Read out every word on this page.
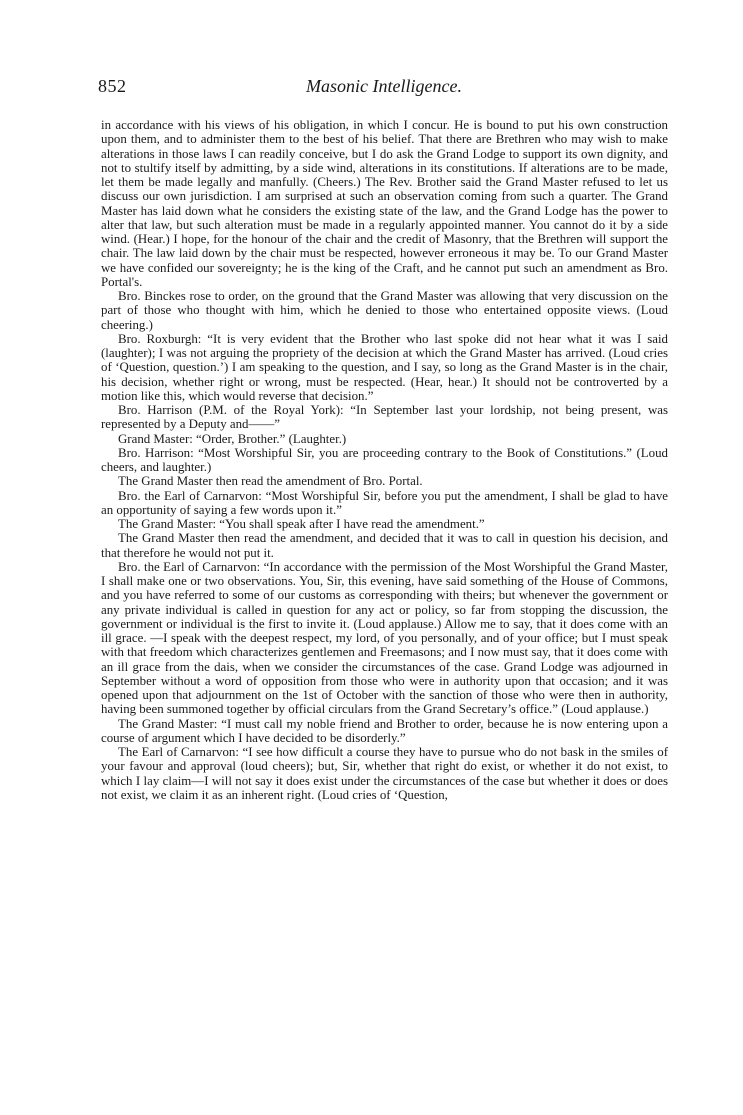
852	Masonic Intelligence.

in accordance with his views of his obligation, in which I concur. He is bound to put his own construction upon them, and to administer them to the best of his belief. That there are Brethren who may wish to make alterations in those laws I can readily conceive, but I do ask the Grand Lodge to support its own dignity, and not to stultify itself by admitting, by a side wind, alterations in its constitutions. If alterations are to be made, let them be made legally and manfully. (Cheers.) The Rev. Brother said the Grand Master refused to let us discuss our own jurisdiction. I am surprised at such an observation coming from such a quarter. The Grand Master has laid down what he considers the existing state of the law, and the Grand Lodge has the power to alter that law, but such alteration must be made in a regularly appointed manner. You cannot do it by a side wind. (Hear.) I hope, for the honour of the chair and the credit of Masonry, that the Brethren will support the chair. The law laid down by the chair must be respected, however erroneous it may be. To our Grand Master we have confided our sovereignty; he is the king of the Craft, and he cannot put such an amendment as Bro. Portal's.

Bro. Binckes rose to order, on the ground that the Grand Master was allowing that very discussion on the part of those who thought with him, which he denied to those who entertained opposite views. (Loud cheering.)

Bro. Roxburgh: “It is very evident that the Brother who last spoke did not hear what it was I said (laughter); I was not arguing the propriety of the decision at which the Grand Master has arrived. (Loud cries of ‘Question, question.’) I am speaking to the question, and I say, so long as the Grand Master is in the chair, his decision, whether right or wrong, must be respected. (Hear, hear.) It should not be controverted by a motion like this, which would reverse that decision.”

Bro. Harrison (P.M. of the Royal York): “In September last your lordship, not being present, was represented by a Deputy and——”

Grand Master: “Order, Brother.” (Laughter.)

Bro. Harrison: “Most Worshipful Sir, you are proceeding contrary to the Book of Constitutions.” (Loud cheers, and laughter.)

The Grand Master then read the amendment of Bro. Portal.

Bro. the Earl of Carnarvon: “Most Worshipful Sir, before you put the amendment, I shall be glad to have an opportunity of saying a few words upon it.”

The Grand Master: “You shall speak after I have read the amendment.”

The Grand Master then read the amendment, and decided that it was to call in question his decision, and that therefore he would not put it.

Bro. the Earl of Carnarvon: “In accordance with the permission of the Most Worshipful the Grand Master, I shall make one or two observations. You, Sir, this evening, have said something of the House of Commons, and you have referred to some of our customs as corresponding with theirs; but whenever the government or any private individual is called in question for any act or policy, so far from stopping the discussion, the government or individual is the first to invite it. (Loud applause.) Allow me to say, that it does come with an ill grace. —I speak with the deepest respect, my lord, of you personally, and of your office; but I must speak with that freedom which characterizes gentlemen and Freemasons; and I now must say, that it does come with an ill grace from the dais, when we consider the circumstances of the case. Grand Lodge was adjourned in September without a word of opposition from those who were in authority upon that occasion; and it was opened upon that adjournment on the 1st of October with the sanction of those who were then in authority, having been summoned together by official circulars from the Grand Secretary’s office.” (Loud applause.)

The Grand Master: “I must call my noble friend and Brother to order, because he is now entering upon a course of argument which I have decided to be disorderly.”

The Earl of Carnarvon: “I see how difficult a course they have to pursue who do not bask in the smiles of your favour and approval (loud cheers); but, Sir, whether that right do exist, or whether it do not exist, to which I lay claim—I will not say it does exist under the circumstances of the case but whether it does or does not exist, we claim it as an inherent right. (Loud cries of ‘Question,
